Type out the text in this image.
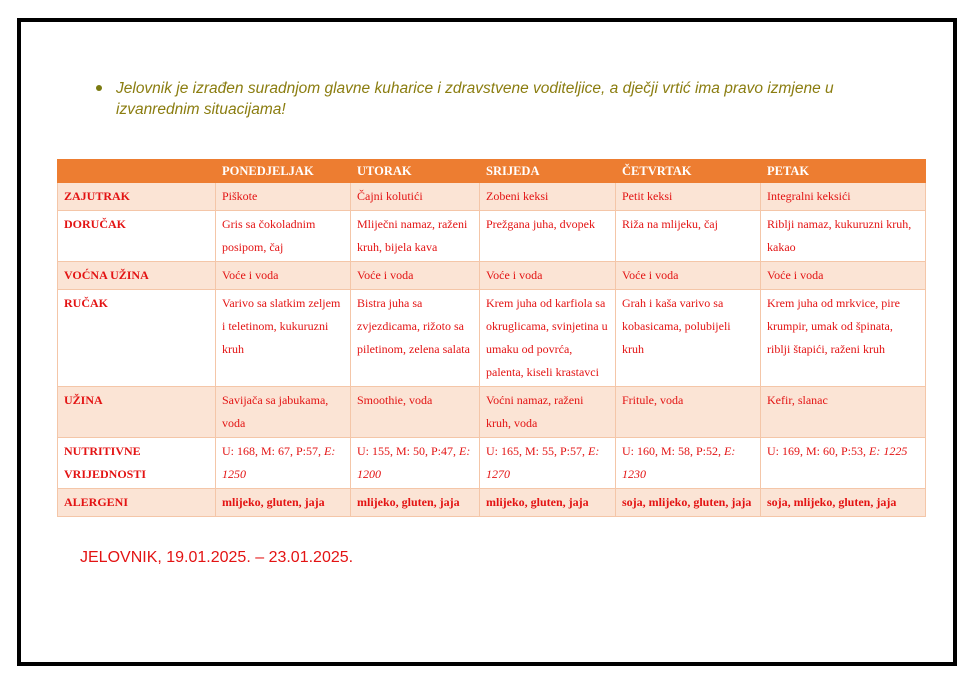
Jelovnik je izrađen suradnjom glavne kuharice i zdravstvene voditeljice, a dječji vrtić ima pravo izmjene u izvanrednim situacijama!
	PONEDJELJAK	UTORAK	SRIJEDA	ČETVRTAK	PETAK
ZAJUTRAK	Piškote	Čajni kolutići	Zobeni keksi	Petit keksi	Integralni keksići
DORUČAK	Gris sa čokoladnim posipom, čaj	Mliječni namaz, raženi kruh, bijela kava	Prežgana juha, dvopek	Riža na mlijeku, čaj	Riblji namaz, kukuruzni kruh, kakao
VOĆNA UŽINA	Voće i voda	Voće i voda	Voće i voda	Voće i voda	Voće i voda
RUČAK	Varivo sa slatkim zeljem i teletinom, kukuruzni kruh	Bistra juha sa zvjezdicama, rižoto sa piletinom, zelena salata	Krem juha od karfiola sa okruglicama, svinjetina u umaku od povrća, palenta, kiseli krastavci	Grah i kaša varivo sa kobasicama, polubijeli kruh	Krem juha od mrkvice, pire krumpir, umak od špinata, riblji štapići, raženi kruh
UŽINA	Savijača sa jabukama, voda	Smoothie, voda	Voćni namaz, raženi kruh, voda	Fritule, voda	Kefir, slanac
NUTRITIVNE VRIJEDNOSTI	U: 168, M: 67, P:57, E: 1250	U: 155, M: 50, P:47, E: 1200	U: 165, M: 55, P:57, E: 1270	U: 160, M: 58, P:52, E: 1230	U: 169, M: 60, P:53, E: 1225
ALERGENI	mlijeko, gluten, jaja	mlijeko, gluten, jaja	mlijeko, gluten, jaja	soja, mlijeko, gluten, jaja	soja, mlijeko, gluten, jaja
JELOVNIK, 19.01.2025. – 23.01.2025.
